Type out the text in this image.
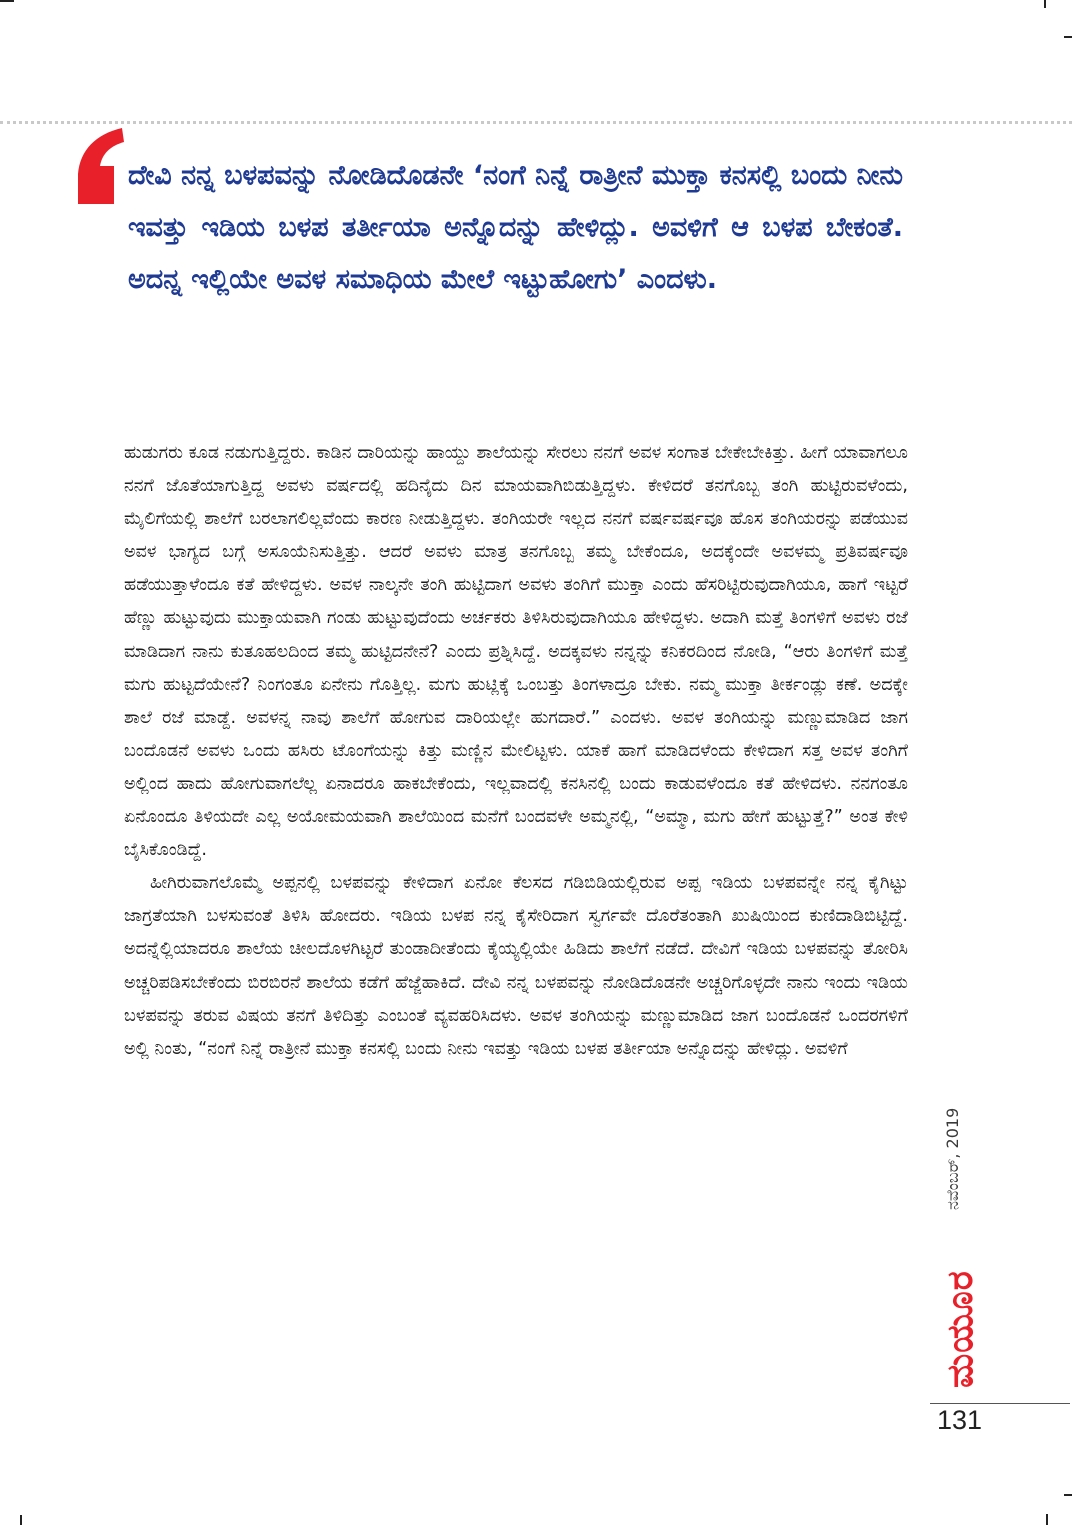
ದೇವಿ ನನ್ನ ಬಳಪವನ್ನು ನೋಡಿದೊಡನೇ ‘ನಂಗೆ ನಿನ್ನೆ ರಾತ್ರೀನೆ ಮುಕ್ತಾ ಕನಸಲ್ಲಿ ಬಂದು ನೀನು ಇವತ್ತು ಇಡಿಯ ಬಳಪ ತರ್ತೀಯಾ ಅನ್ನೊದನ್ನು ಹೇಳಿದ್ಲು. ಅವಳಿಗೆ ಆ ಬಳಪ ಬೇಕಂತೆ. ಅದನ್ನ ಇಲ್ಲಿಯೇ ಅವಳ ಸಮಾಧಿಯ ಮೇಲೆ ಇಟ್ಟುಹೋಗು’ ಎಂದಳು.

ಹುಡುಗರು ಕೂಡ ನಡುಗುತ್ತಿದ್ದರು. ಕಾಡಿನ ದಾರಿಯನ್ನು ಹಾಯ್ದು ಶಾಲೆಯನ್ನು ಸೇರಲು ನನಗೆ ಅವಳ ಸಂಗಾತ ಬೇಕೇಬೇಕಿತ್ತು. ಹೀಗೆ ಯಾವಾಗಲೂ ನನಗೆ ಜೊತೆಯಾಗುತ್ತಿದ್ದ ಅವಳು ವರ್ಷದಲ್ಲಿ ಹದಿನೈದು ದಿನ ಮಾಯವಾಗಿಬಿಡುತ್ತಿದ್ದಳು. ಕೇಳಿದರೆ ತನಗೊಬ್ಬ ತಂಗಿ ಹುಟ್ಟಿರುವಳೆಂದು, ಮೈಲಿಗೆಯಲ್ಲಿ ಶಾಲೆಗೆ ಬರಲಾಗಲಿಲ್ಲವೆಂದು ಕಾರಣ ನೀಡುತ್ತಿದ್ದಳು. ತಂಗಿಯರೇ ಇಲ್ಲದ ನನಗೆ ವರ್ಷವರ್ಷವೂ ಹೊಸ ತಂಗಿಯರನ್ನು ಪಡೆಯುವ ಅವಳ ಭಾಗ್ಯದ ಬಗ್ಗೆ ಅಸೂಯೆನಿಸುತ್ತಿತ್ತು. ಆದರೆ ಅವಳು ಮಾತ್ರ ತನಗೊಬ್ಬ ತಮ್ಮ ಬೇಕೆಂದೂ, ಅದಕ್ಕೆಂದೇ ಅವಳಮ್ಮ ಪ್ರತಿವರ್ಷವೂ ಹಡೆಯುತ್ತಾಳೆಂದೂ ಕತೆ ಹೇಳಿದ್ದಳು. ಅವಳ ನಾಲ್ಕನೇ ತಂಗಿ ಹುಟ್ಟಿದಾಗ ಅವಳು ತಂಗಿಗೆ ಮುಕ್ತಾ ಎಂದು ಹೆಸರಿಟ್ಟಿರುವುದಾಗಿಯೂ, ಹಾಗೆ ಇಟ್ಟರೆ ಹೆಣ್ಣು ಹುಟ್ಟುವುದು ಮುಕ್ತಾಯವಾಗಿ ಗಂಡು ಹುಟ್ಟುವುದೆಂದು ಅರ್ಚಕರು ತಿಳಿಸಿರುವುದಾಗಿಯೂ ಹೇಳಿದ್ದಳು. ಅದಾಗಿ ಮತ್ತೆ ತಿಂಗಳಿಗೆ ಅವಳು ರಜೆ ಮಾಡಿದಾಗ ನಾನು ಕುತೂಹಲದಿಂದ ತಮ್ಮ ಹುಟ್ಟಿದನೇನೆ? ಎಂದು ಪ್ರಶ್ನಿಸಿದ್ದೆ. ಅದಕ್ಕವಳು ನನ್ನನ್ನು ಕನಿಕರದಿಂದ ನೋಡಿ, “ಆರು ತಿಂಗಳಿಗೆ ಮತ್ತೆ ಮಗು ಹುಟ್ಟದೆಯೇನೆ? ನಿಂಗಂತೂ ಏನೇನು ಗೊತ್ತಿಲ್ಲ. ಮಗು ಹುಟ್ಲಿಕ್ಕೆ ಒಂಬತ್ತು ತಿಂಗಳಾದ್ರೂ ಬೇಕು. ನಮ್ಮ ಮುಕ್ತಾ ತೀರ್ಕಂಡ್ಲು ಕಣೆ. ಅದಕ್ಕೇ ಶಾಲೆ ರಜೆ ಮಾಡ್ದೆ. ಅವಳನ್ನ ನಾವು ಶಾಲೆಗೆ ಹೋಗುವ ದಾರಿಯಲ್ಲೇ ಹುಗದಾರೆ.” ಎಂದಳು. ಅವಳ ತಂಗಿಯನ್ನು ಮಣ್ಣುಮಾಡಿದ ಜಾಗ ಬಂದೊಡನೆ ಅವಳು ಒಂದು ಹಸಿರು ಟೊಂಗೆಯನ್ನು ಕಿತ್ತು ಮಣ್ಣಿನ ಮೇಲಿಟ್ಟಳು. ಯಾಕೆ ಹಾಗೆ ಮಾಡಿದಳೆಂದು ಕೇಳಿದಾಗ ಸತ್ತ ಅವಳ ತಂಗಿಗೆ ಅಲ್ಲಿಂದ ಹಾದು ಹೋಗುವಾಗಲೆಲ್ಲ ಏನಾದರೂ ಹಾಕಬೇಕೆಂದು, ಇಲ್ಲವಾದಲ್ಲಿ ಕನಸಿನಲ್ಲಿ ಬಂದು ಕಾಡುವಳೆಂದೂ ಕತೆ ಹೇಳಿದಳು. ನನಗಂತೂ ಏನೊಂದೂ ತಿಳಿಯದೇ ಎಲ್ಲ ಅಯೋಮಯವಾಗಿ ಶಾಲೆಯಿಂದ ಮನೆಗೆ ಬಂದವಳೇ ಅಮ್ಮನಲ್ಲಿ, “ಅಮ್ಮಾ, ಮಗು ಹೇಗೆ ಹುಟ್ಟುತ್ತೆ?” ಅಂತ ಕೇಳಿ ಬೈಸಿಕೊಂಡಿದ್ದೆ.

ಹೀಗಿರುವಾಗಲೊಮ್ಮೆ ಅಪ್ಪನಲ್ಲಿ ಬಳಪವನ್ನು ಕೇಳಿದಾಗ ಏನೋ ಕೆಲಸದ ಗಡಿಬಿಡಿಯಲ್ಲಿರುವ ಅಪ್ಪ ಇಡಿಯ ಬಳಪವನ್ನೇ ನನ್ನ ಕೈಗಿಟ್ಟು ಜಾಗ್ರತೆಯಾಗಿ ಬಳಸುವಂತೆ ತಿಳಿಸಿ ಹೋದರು. ಇಡಿಯ ಬಳಪ ನನ್ನ ಕೈಸೇರಿದಾಗ ಸ್ವರ್ಗವೇ ದೊರೆತಂತಾಗಿ ಖುಷಿಯಿಂದ ಕುಣಿದಾಡಿಬಿಟ್ಟಿದ್ದೆ. ಅದನ್ನೆಲ್ಲಿಯಾದರೂ ಶಾಲೆಯ ಚೀಲದೊಳಗಿಟ್ಟರೆ ತುಂಡಾದೀತೆಂದು ಕೈಯ್ಯಲ್ಲಿಯೇ ಹಿಡಿದು ಶಾಲೆಗೆ ನಡೆದೆ. ದೇವಿಗೆ ಇಡಿಯ ಬಳಪವನ್ನು ತೋರಿಸಿ ಅಚ್ಚರಿಪಡಿಸಬೇಕೆಂದು ಬಿರಬಿರನೆ ಶಾಲೆಯ ಕಡೆಗೆ ಹೆಜ್ಜೆಹಾಕಿದೆ. ದೇವಿ ನನ್ನ ಬಳಪವನ್ನು ನೋಡಿದೊಡನೇ ಅಚ್ಚರಿಗೊಳ್ಳದೇ ನಾನು ಇಂದು ಇಡಿಯ ಬಳಪವನ್ನು ತರುವ ವಿಷಯ ತನಗೆ ತಿಳಿದಿತ್ತು ಎಂಬಂತೆ ವ್ಯವಹರಿಸಿದಳು. ಅವಳ ತಂಗಿಯನ್ನು ಮಣ್ಣುಮಾಡಿದ ಜಾಗ ಬಂದೊಡನೆ ಒಂದರಗಳಿಗೆ ಅಲ್ಲಿ ನಿಂತು, “ನಂಗೆ ನಿನ್ನೆ ರಾತ್ರೀನೆ ಮುಕ್ತಾ ಕನಸಲ್ಲಿ ಬಂದು ನೀನು ಇವತ್ತು ಇಡಿಯ ಬಳಪ ತರ್ತೀಯಾ ಅನ್ನೊದನ್ನು ಹೇಳಿದ್ಲು. ಅವಳಿಗೆ

ನವೆಂಬರ್, 2019
ಮಯೂರ
131
